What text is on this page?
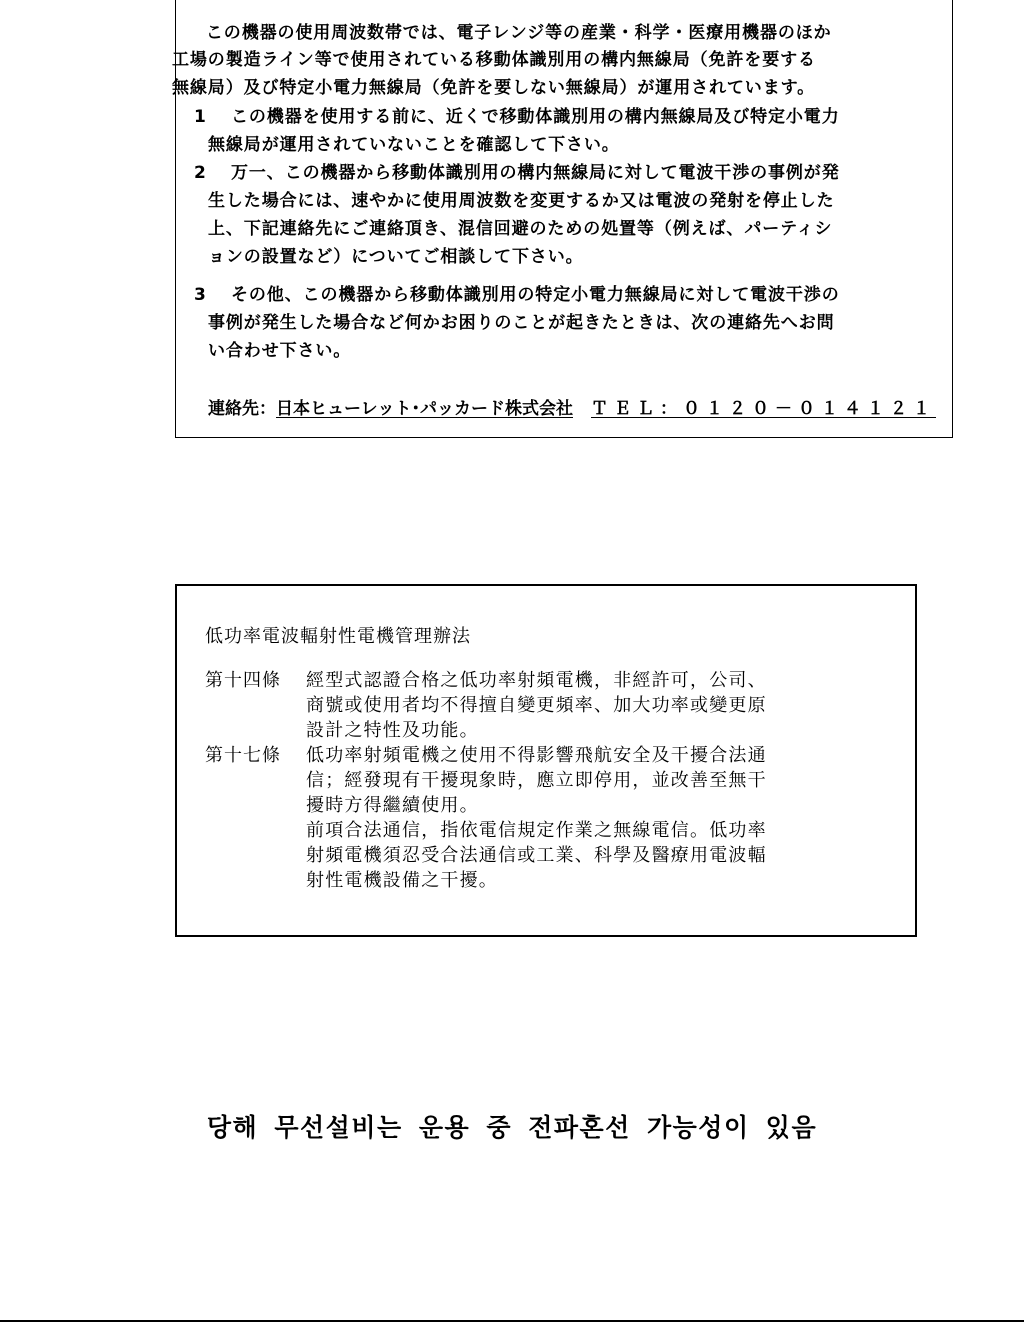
　この機器の使用周波数帯では、電子レンジ等の産業・科学・医療用機器のほか
工場の製造ライン等で使用されている移動体識別用の構内無線局（免許を要する
無線局）及び特定小電力無線局（免許を要しない無線局）が運用されています。
1 この機器を使用する前に、近くで移動体識別用の構内無線局及び特定小電力
無線局が運用されていないことを確認して下さい。
2 万一、この機器から移動体識別用の構内無線局に対して電波干渉の事例が発
生した場合には、速やかに使用周波数を変更するか又は電波の発射を停止した
上、下記連絡先にご連絡頂き、混信回避のための処置等（例えば、パーティシ
ョンの設置など）についてご相談して下さい。
3 その他、この機器から移動体識別用の特定小電力無線局に対して電波干渉の
事例が発生した場合など何かお困りのことが起きたときは、次の連絡先へお問
い合わせ下さい。
連絡先：日本ヒューレット･パッカード株式会社 ＴＥＬ：０１２０－０１４１２１
低功率電波輻射性電機管理辦法
第十四條 經型式認證合格之低功率射頻電機，非經許可，公司、
商號或使用者均不得擅自變更頻率、加大功率或變更原
設計之特性及功能。
第十七條 低功率射頻電機之使用不得影響飛航安全及干擾合法通
信；經發現有干擾現象時，應立即停用，並改善至無干
擾時方得繼續使用。
前項合法通信，指依電信規定作業之無線電信。低功率
射頻電機須忍受合法通信或工業、科學及醫療用電波輻
射性電機設備之干擾。
당해 무선설비는 운용 중 전파혼선 가능성이 있음
